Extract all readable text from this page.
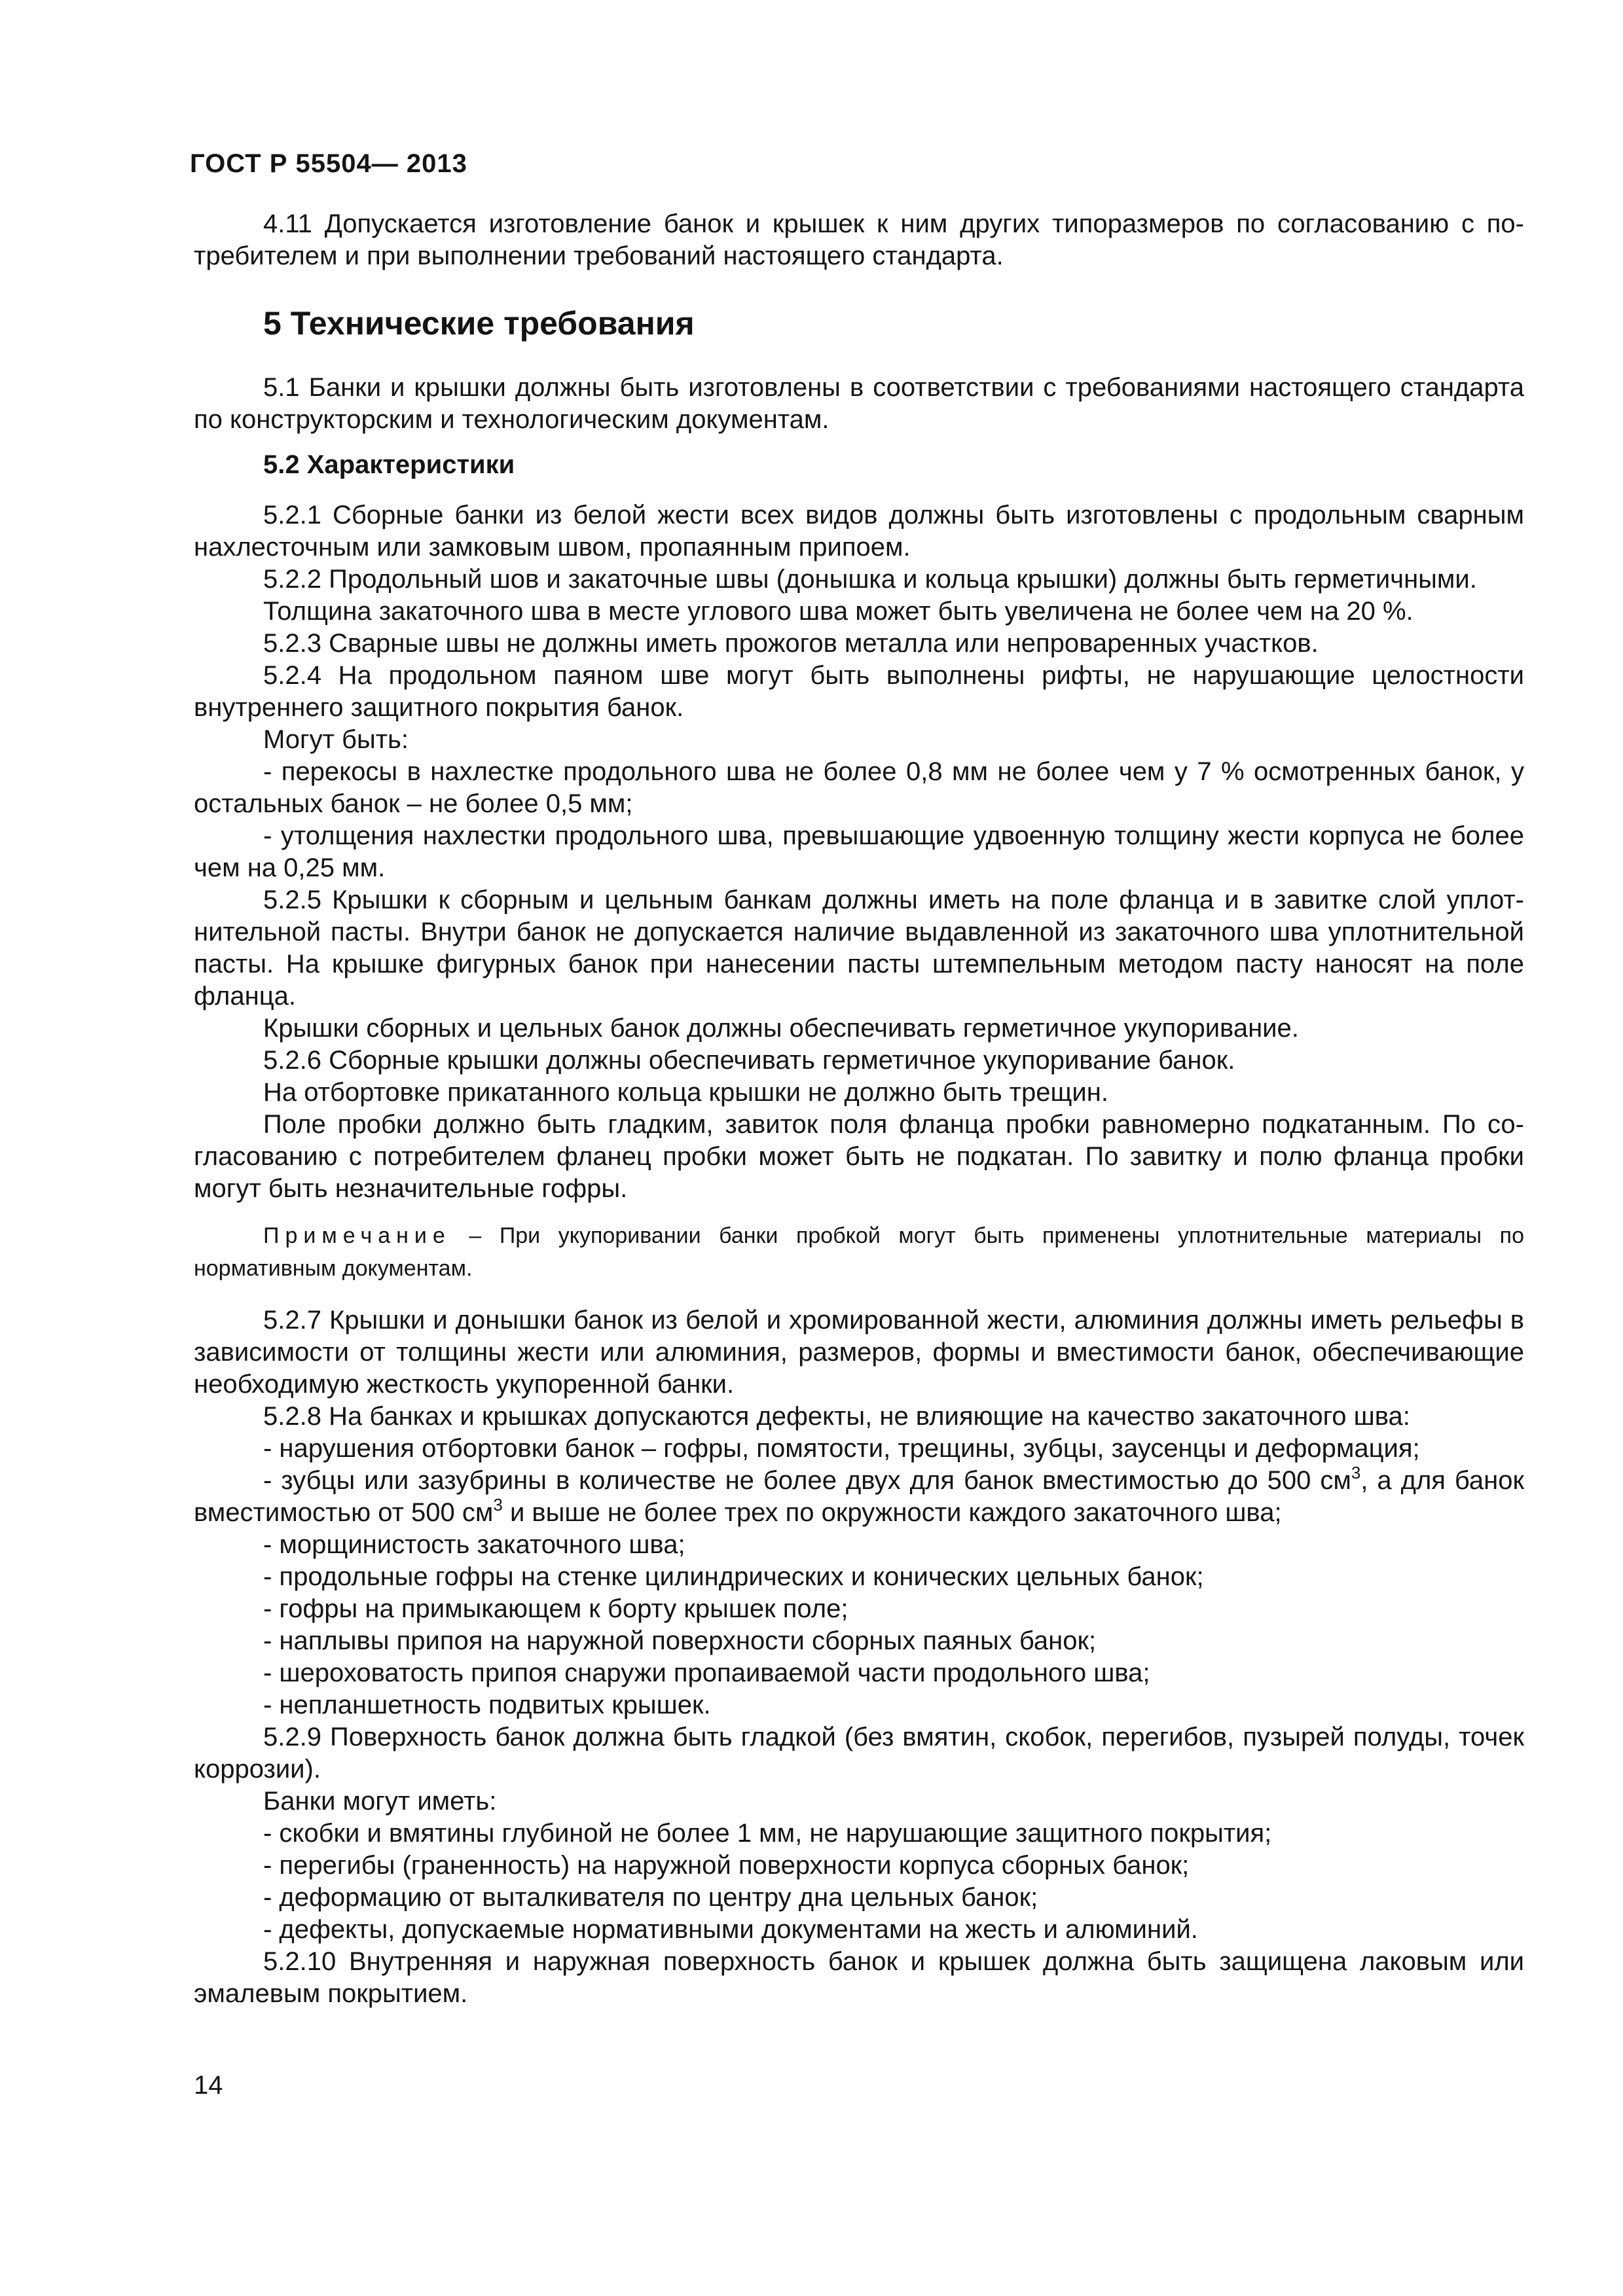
ГОСТ Р 55504— 2013

4.11 Допускается изготовление банок и крышек к ним других типоразмеров по согласованию с потребителем и при выполнении требований настоящего стандарта.

5 Технические требования

5.1 Банки и крышки должны быть изготовлены в соответствии с требованиями настоящего стандарта по конструкторским и технологическим документам.

5.2 Характеристики

5.2.1 Сборные банки из белой жести всех видов должны быть изготовлены с продольным сварным нахлесточным или замковым швом, пропаянным припоем.

5.2.2 Продольный шов и закаточные швы (донышка и кольца крышки) должны быть герметичными.

Толщина закаточного шва в месте углового шва может быть увеличена не более чем на 20 %.

5.2.3 Сварные швы не должны иметь прожогов металла или непроваренных участков.

5.2.4 На продольном паяном шве могут быть выполнены рифты, не нарушающие целостности внутреннего защитного покрытия банок.

Могут быть:

- перекосы в нахлестке продольного шва не более 0,8 мм не более чем у 7 % осмотренных банок, у остальных банок – не более 0,5 мм;

- утолщения нахлестки продольного шва, превышающие удвоенную толщину жести корпуса не более чем на 0,25 мм.

5.2.5 Крышки к сборным и цельным банкам должны иметь на поле фланца и в завитке слой уплотнительной пасты. Внутри банок не допускается наличие выдавленной из закаточного шва уплотнительной пасты. На крышке фигурных банок при нанесении пасты штемпельным методом пасту наносят на поле фланца.

Крышки сборных и цельных банок должны обеспечивать герметичное укупоривание.

5.2.6 Сборные крышки должны обеспечивать герметичное укупоривание банок.

На отбортовке прикатанного кольца крышки не должно быть трещин.

Поле пробки должно быть гладким, завиток поля фланца пробки равномерно подкатанным. По согласованию с потребителем фланец пробки может быть не подкатан. По завитку и полю фланца пробки могут быть незначительные гофры.

Примечание – При укупоривании банки пробкой могут быть применены уплотнительные материалы по нормативным документам.

5.2.7 Крышки и донышки банок из белой и хромированной жести, алюминия должны иметь рельефы в зависимости от толщины жести или алюминия, размеров, формы и вместимости банок, обеспечивающие необходимую жесткость укупоренной банки.

5.2.8 На банках и крышках допускаются дефекты, не влияющие на качество закаточного шва:

- нарушения отбортовки банок – гофры, помятости, трещины, зубцы, заусенцы и деформация;

- зубцы или зазубрины в количестве не более двух для банок вместимостью до 500 $см^3$, а для банок вместимостью от 500 $см^3$ и выше не более трех по окружности каждого закаточного шва;

- морщинистость закаточного шва;

- продольные гофры на стенке цилиндрических и конических цельных банок;

- гофры на примыкающем к борту крышек поле;

- наплывы припоя на наружной поверхности сборных паяных банок;

- шероховатость припоя снаружи пропаиваемой части продольного шва;

- непланшетность подвитых крышек.

5.2.9 Поверхность банок должна быть гладкой (без вмятин, скобок, перегибов, пузырей полуды, точек коррозии).

Банки могут иметь:

- скобки и вмятины глубиной не более 1 мм, не нарушающие защитного покрытия;

- перегибы (граненность) на наружной поверхности корпуса сборных банок;

- деформацию от выталкивателя по центру дна цельных банок;

- дефекты, допускаемые нормативными документами на жесть и алюминий.

5.2.10 Внутренняя и наружная поверхность банок и крышек должна быть защищена лаковым или эмалевым покрытием.

14
